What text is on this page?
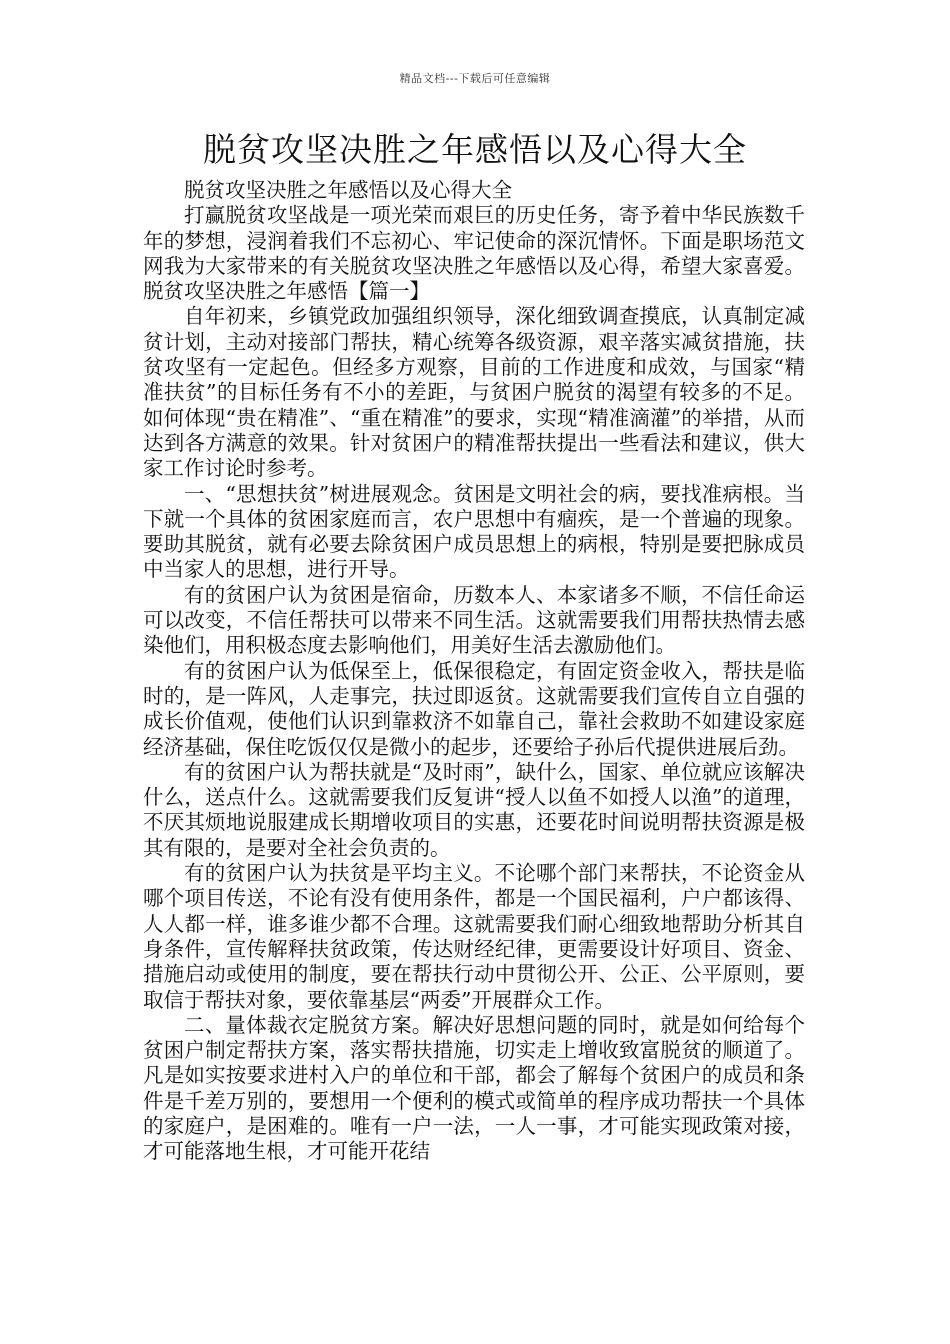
精品文档---下载后可任意编辑
脱贫攻坚决胜之年感悟以及心得大全

脱贫攻坚决胜之年感悟以及心得大全

打赢脱贫攻坚战是一项光荣而艰巨的历史任务，寄予着中华民族数千年的梦想，浸润着我们不忘初心、牢记使命的深沉情怀。下面是职场范文网我为大家带来的有关脱贫攻坚决胜之年感悟以及心得，希望大家喜爱。脱贫攻坚决胜之年感悟【篇一】

自年初来，乡镇党政加强组织领导，深化细致调查摸底，认真制定减贫计划，主动对接部门帮扶，精心统筹各级资源，艰辛落实减贫措施，扶贫攻坚有一定起色。但经多方观察，目前的工作进度和成效，与国家“精准扶贫”的目标任务有不小的差距，与贫困户脱贫的渴望有较多的不足。如何体现“贵在精准”、“重在精准”的要求，实现“精准滴灌”的举措，从而达到各方满意的效果。针对贫困户的精准帮扶提出一些看法和建议，供大家工作讨论时参考。

一、“思想扶贫”树进展观念。贫困是文明社会的病，要找准病根。当下就一个具体的贫困家庭而言，农户思想中有痼疾，是一个普遍的现象。要助其脱贫，就有必要去除贫困户成员思想上的病根，特别是要把脉成员中当家人的思想，进行开导。

有的贫困户认为贫困是宿命，历数本人、本家诸多不顺，不信任命运可以改变，不信任帮扶可以带来不同生活。这就需要我们用帮扶热情去感染他们，用积极态度去影响他们，用美好生活去激励他们。

有的贫困户认为低保至上，低保很稳定，有固定资金收入，帮扶是临时的，是一阵风，人走事完，扶过即返贫。这就需要我们宣传自立自强的成长价值观，使他们认识到靠救济不如靠自己，靠社会救助不如建设家庭经济基础，保住吃饭仅仅是微小的起步，还要给子孙后代提供进展后劲。

有的贫困户认为帮扶就是“及时雨”，缺什么，国家、单位就应该解决什么，送点什么。这就需要我们反复讲“授人以鱼不如授人以渔”的道理，不厌其烦地说服建成长期增收项目的实惠，还要花时间说明帮扶资源是极其有限的，是要对全社会负责的。

有的贫困户认为扶贫是平均主义。不论哪个部门来帮扶，不论资金从哪个项目传送，不论有没有使用条件，都是一个国民福利，户户都该得、人人都一样，谁多谁少都不合理。这就需要我们耐心细致地帮助分析其自身条件，宣传解释扶贫政策，传达财经纪律，更需要设计好项目、资金、措施启动或使用的制度，要在帮扶行动中贯彻公开、公正、公平原则，要取信于帮扶对象，要依靠基层“两委”开展群众工作。

二、量体裁衣定脱贫方案。解决好思想问题的同时，就是如何给每个贫困户制定帮扶方案，落实帮扶措施，切实走上增收致富脱贫的顺道了。凡是如实按要求进村入户的单位和干部，都会了解每个贫困户的成员和条件是千差万别的，要想用一个便利的模式或简单的程序成功帮扶一个具体的家庭户，是困难的。唯有一户一法，一人一事，才可能实现政策对接，才可能落地生根，才可能开花结
